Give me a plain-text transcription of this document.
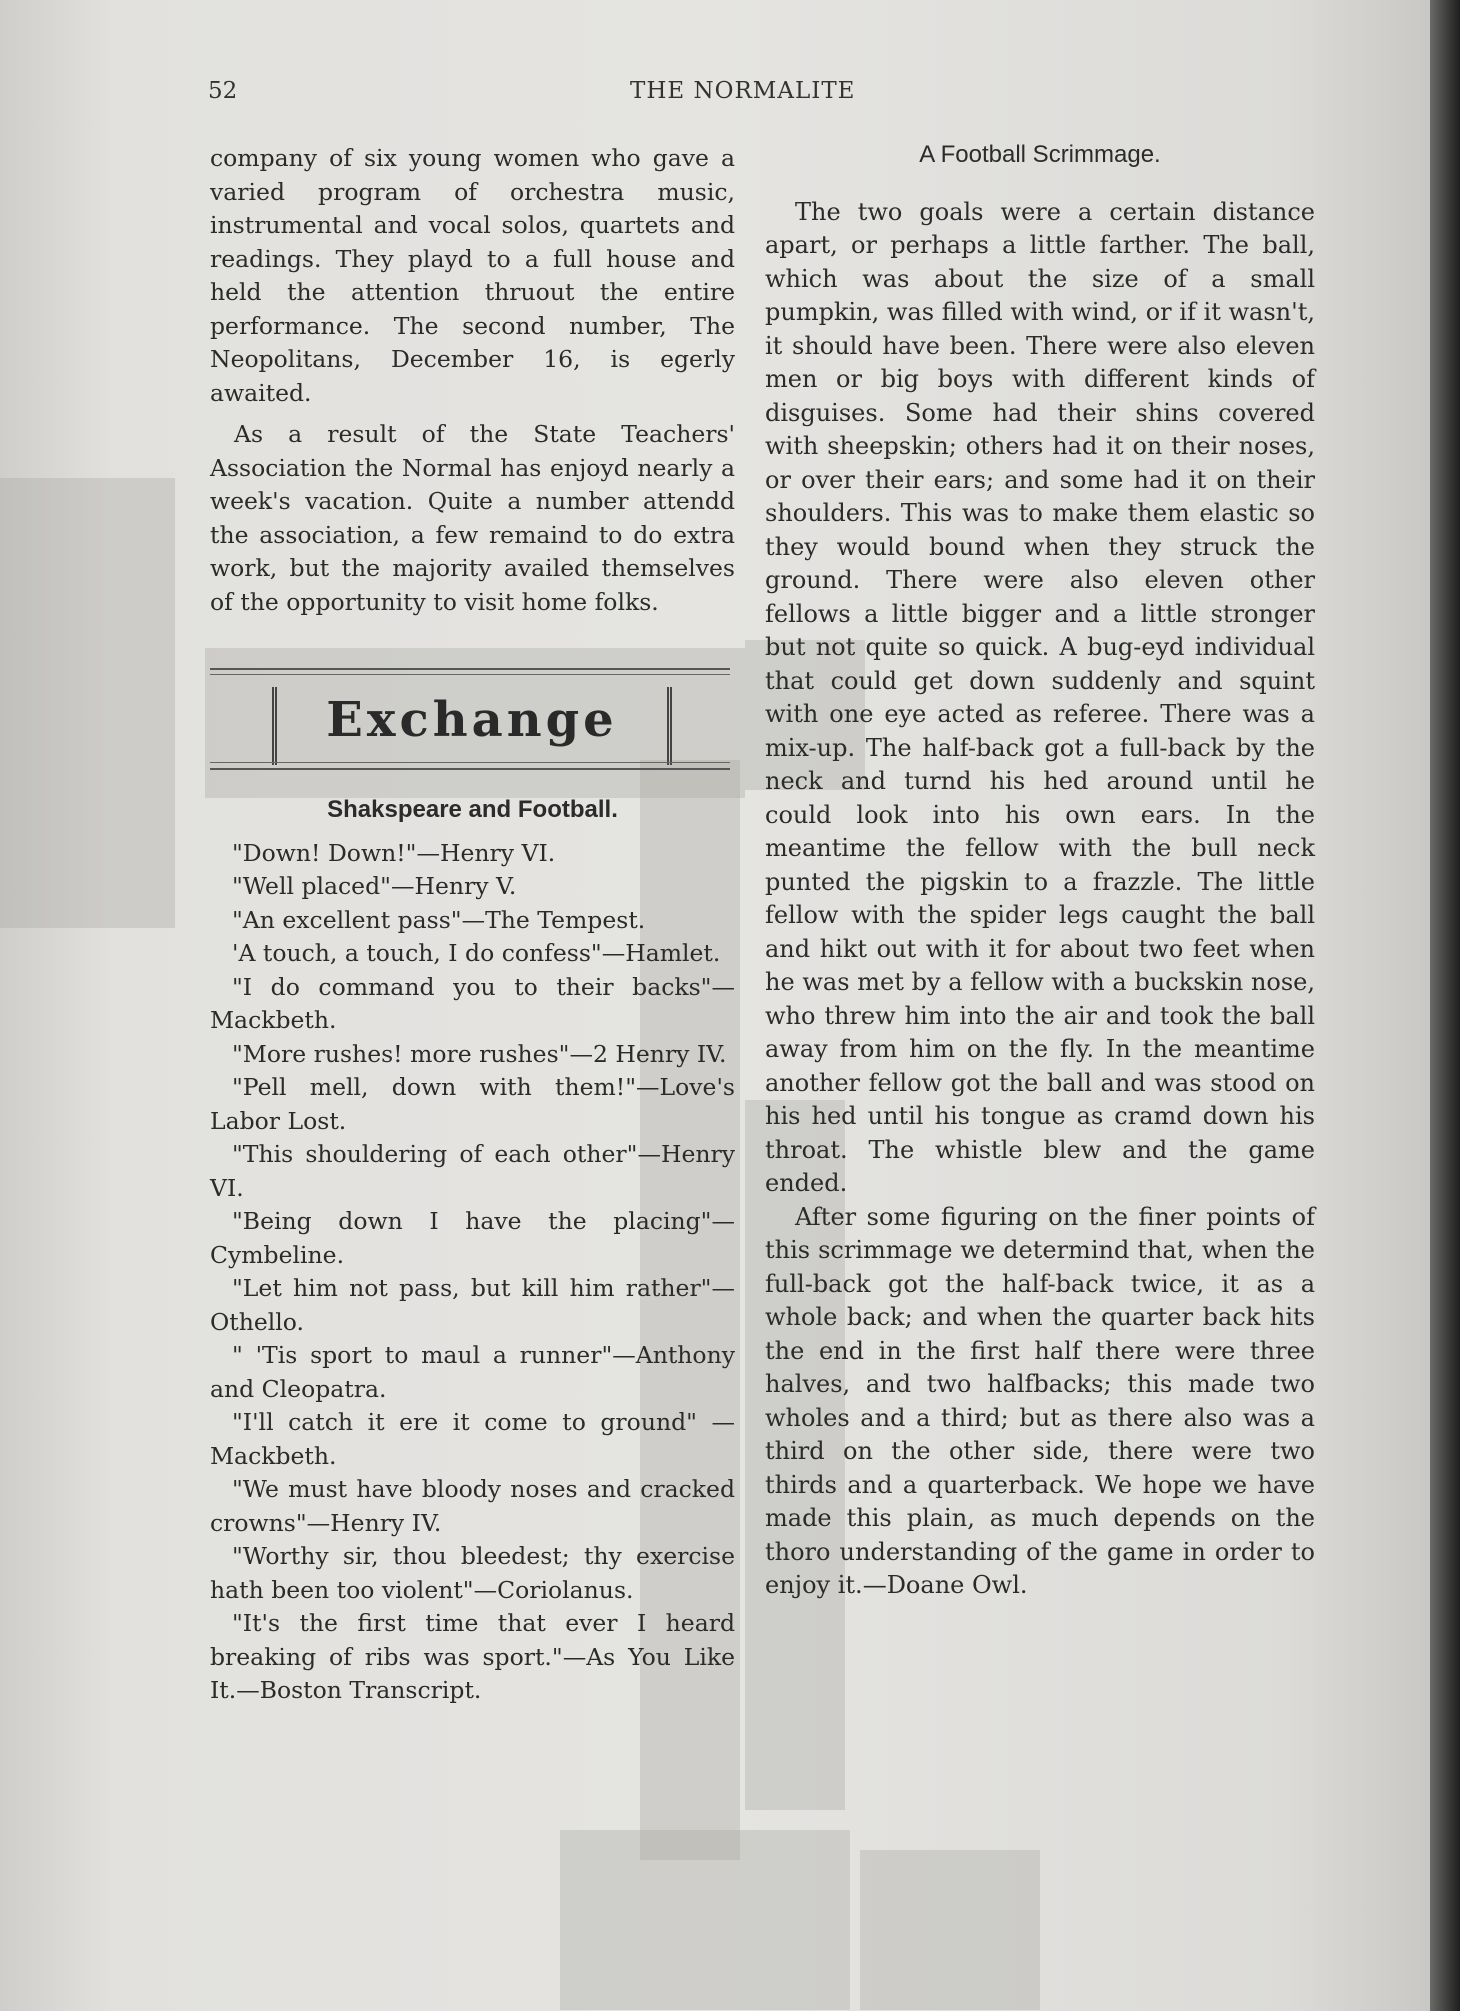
52	THE NORMALITE

company of six young women who gave a varied program of orchestra music, instrumental and vocal solos, quartets and readings. They playd to a full house and held the attention thruout the entire performance. The second number, The Neopolitans, December 16, is egerly awaited.

As a result of the State Teachers' Association the Normal has enjoyd nearly a week's vacation. Quite a number attendd the association, a few remaind to do extra work, but the majority availed themselves of the opportunity to visit home folks.

Exchange

Shakspeare and Football.

"Down! Down!"—Henry VI.

"Well placed"—Henry V.

"An excellent pass"—The Tempest.

'A touch, a touch, I do confess"—Hamlet.

"I do command you to their backs"—Mackbeth.

"More rushes! more rushes"—2 Henry IV.

"Pell mell, down with them!"—Love's Labor Lost.

"This shouldering of each other"—Henry VI.

"Being down I have the placing"—Cymbeline.

"Let him not pass, but kill him rather"—Othello.

" 'Tis sport to maul a runner"—Anthony and Cleopatra.

"I'll catch it ere it come to ground" —Mackbeth.

"We must have bloody noses and cracked crowns"—Henry IV.

"Worthy sir, thou bleedest; thy exercise hath been too violent"—Coriolanus.

"It's the first time that ever I heard breaking of ribs was sport."—As You Like It.—Boston Transcript.

A Football Scrimmage.

The two goals were a certain distance apart, or perhaps a little farther. The ball, which was about the size of a small pumpkin, was filled with wind, or if it wasn't, it should have been. There were also eleven men or big boys with different kinds of disguises. Some had their shins covered with sheepskin; others had it on their noses, or over their ears; and some had it on their shoulders. This was to make them elastic so they would bound when they struck the ground. There were also eleven other fellows a little bigger and a little stronger but not quite so quick. A bug-eyd individual that could get down suddenly and squint with one eye acted as referee. There was a mix-up. The half-back got a full-back by the neck and turnd his hed around until he could look into his own ears. In the meantime the fellow with the bull neck punted the pigskin to a frazzle. The little fellow with the spider legs caught the ball and hikt out with it for about two feet when he was met by a fellow with a buckskin nose, who threw him into the air and took the ball away from him on the fly. In the meantime another fellow got the ball and was stood on his hed until his tongue as cramd down his throat. The whistle blew and the game ended.

After some figuring on the finer points of this scrimmage we determind that, when the full-back got the half-back twice, it as a whole back; and when the quarter back hits the end in the first half there were three halves, and two halfbacks; this made two wholes and a third; but as there also was a third on the other side, there were two thirds and a quarterback. We hope we have made this plain, as much depends on the thoro understanding of the game in order to enjoy it.—Doane Owl.
